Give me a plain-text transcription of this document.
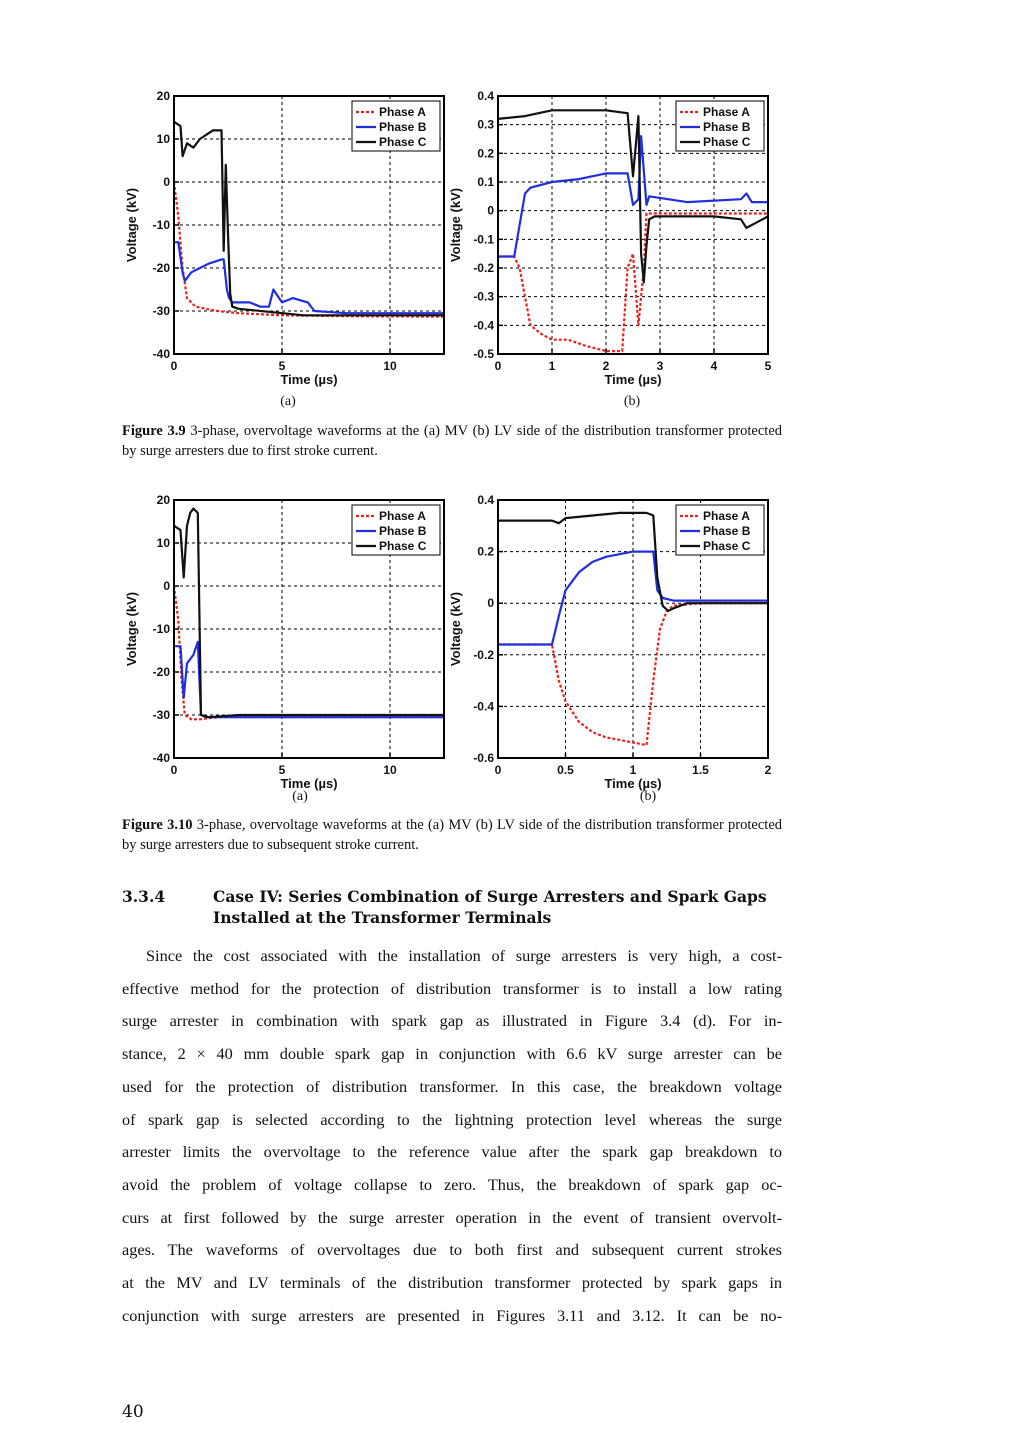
0	5	10
-40
-30
-20
-10
0
10
20
Time (µs)
Voltage (kV)
Phase A
Phase B
Phase C
0	1	2	3	4	5
-0.5
-0.4
-0.3
-0.2
-0.1
0
0.1
0.2
0.3
0.4
Time (µs)
Voltage (kV)
Phase A
Phase B
Phase C
(a)	(b)
Figure 3.9 3-phase, overvoltage waveforms at the (a) MV (b) LV side of the distribution transformer protected by surge arresters due to first stroke current.
0	5	10
-40
-30
-20
-10
0
10
20
Time (µs)
Voltage (kV)
Phase A
Phase B
Phase C
0	0.5	1	1.5	2
-0.6
-0.4
-0.2
0
0.2
0.4
Time (µs)
Voltage (kV)
Phase A
Phase B
Phase C
(a)	(b)
Figure 3.10 3-phase, overvoltage waveforms at the (a) MV (b) LV side of the distribution transformer protected by surge arresters due to subsequent stroke current.
3.3.4	Case IV: Series Combination of Surge Arresters and Spark Gaps Installed at the Transformer Terminals
Since the cost associated with the installation of surge arresters is very high, a cost-
effective method for the protection of distribution transformer is to install a low rating
surge arrester in combination with spark gap as illustrated in Figure 3.4 (d). For in-
stance, 2 × 40 mm double spark gap in conjunction with 6.6 kV surge arrester can be
used for the protection of distribution transformer. In this case, the breakdown voltage
of spark gap is selected according to the lightning protection level whereas the surge
arrester limits the overvoltage to the reference value after the spark gap breakdown to
avoid the problem of voltage collapse to zero. Thus, the breakdown of spark gap oc-
curs at first followed by the surge arrester operation in the event of transient overvolt-
ages. The waveforms of overvoltages due to both first and subsequent current strokes
at the MV and LV terminals of the distribution transformer protected by spark gaps in
conjunction with surge arresters are presented in Figures 3.11 and 3.12. It can be no-
40
